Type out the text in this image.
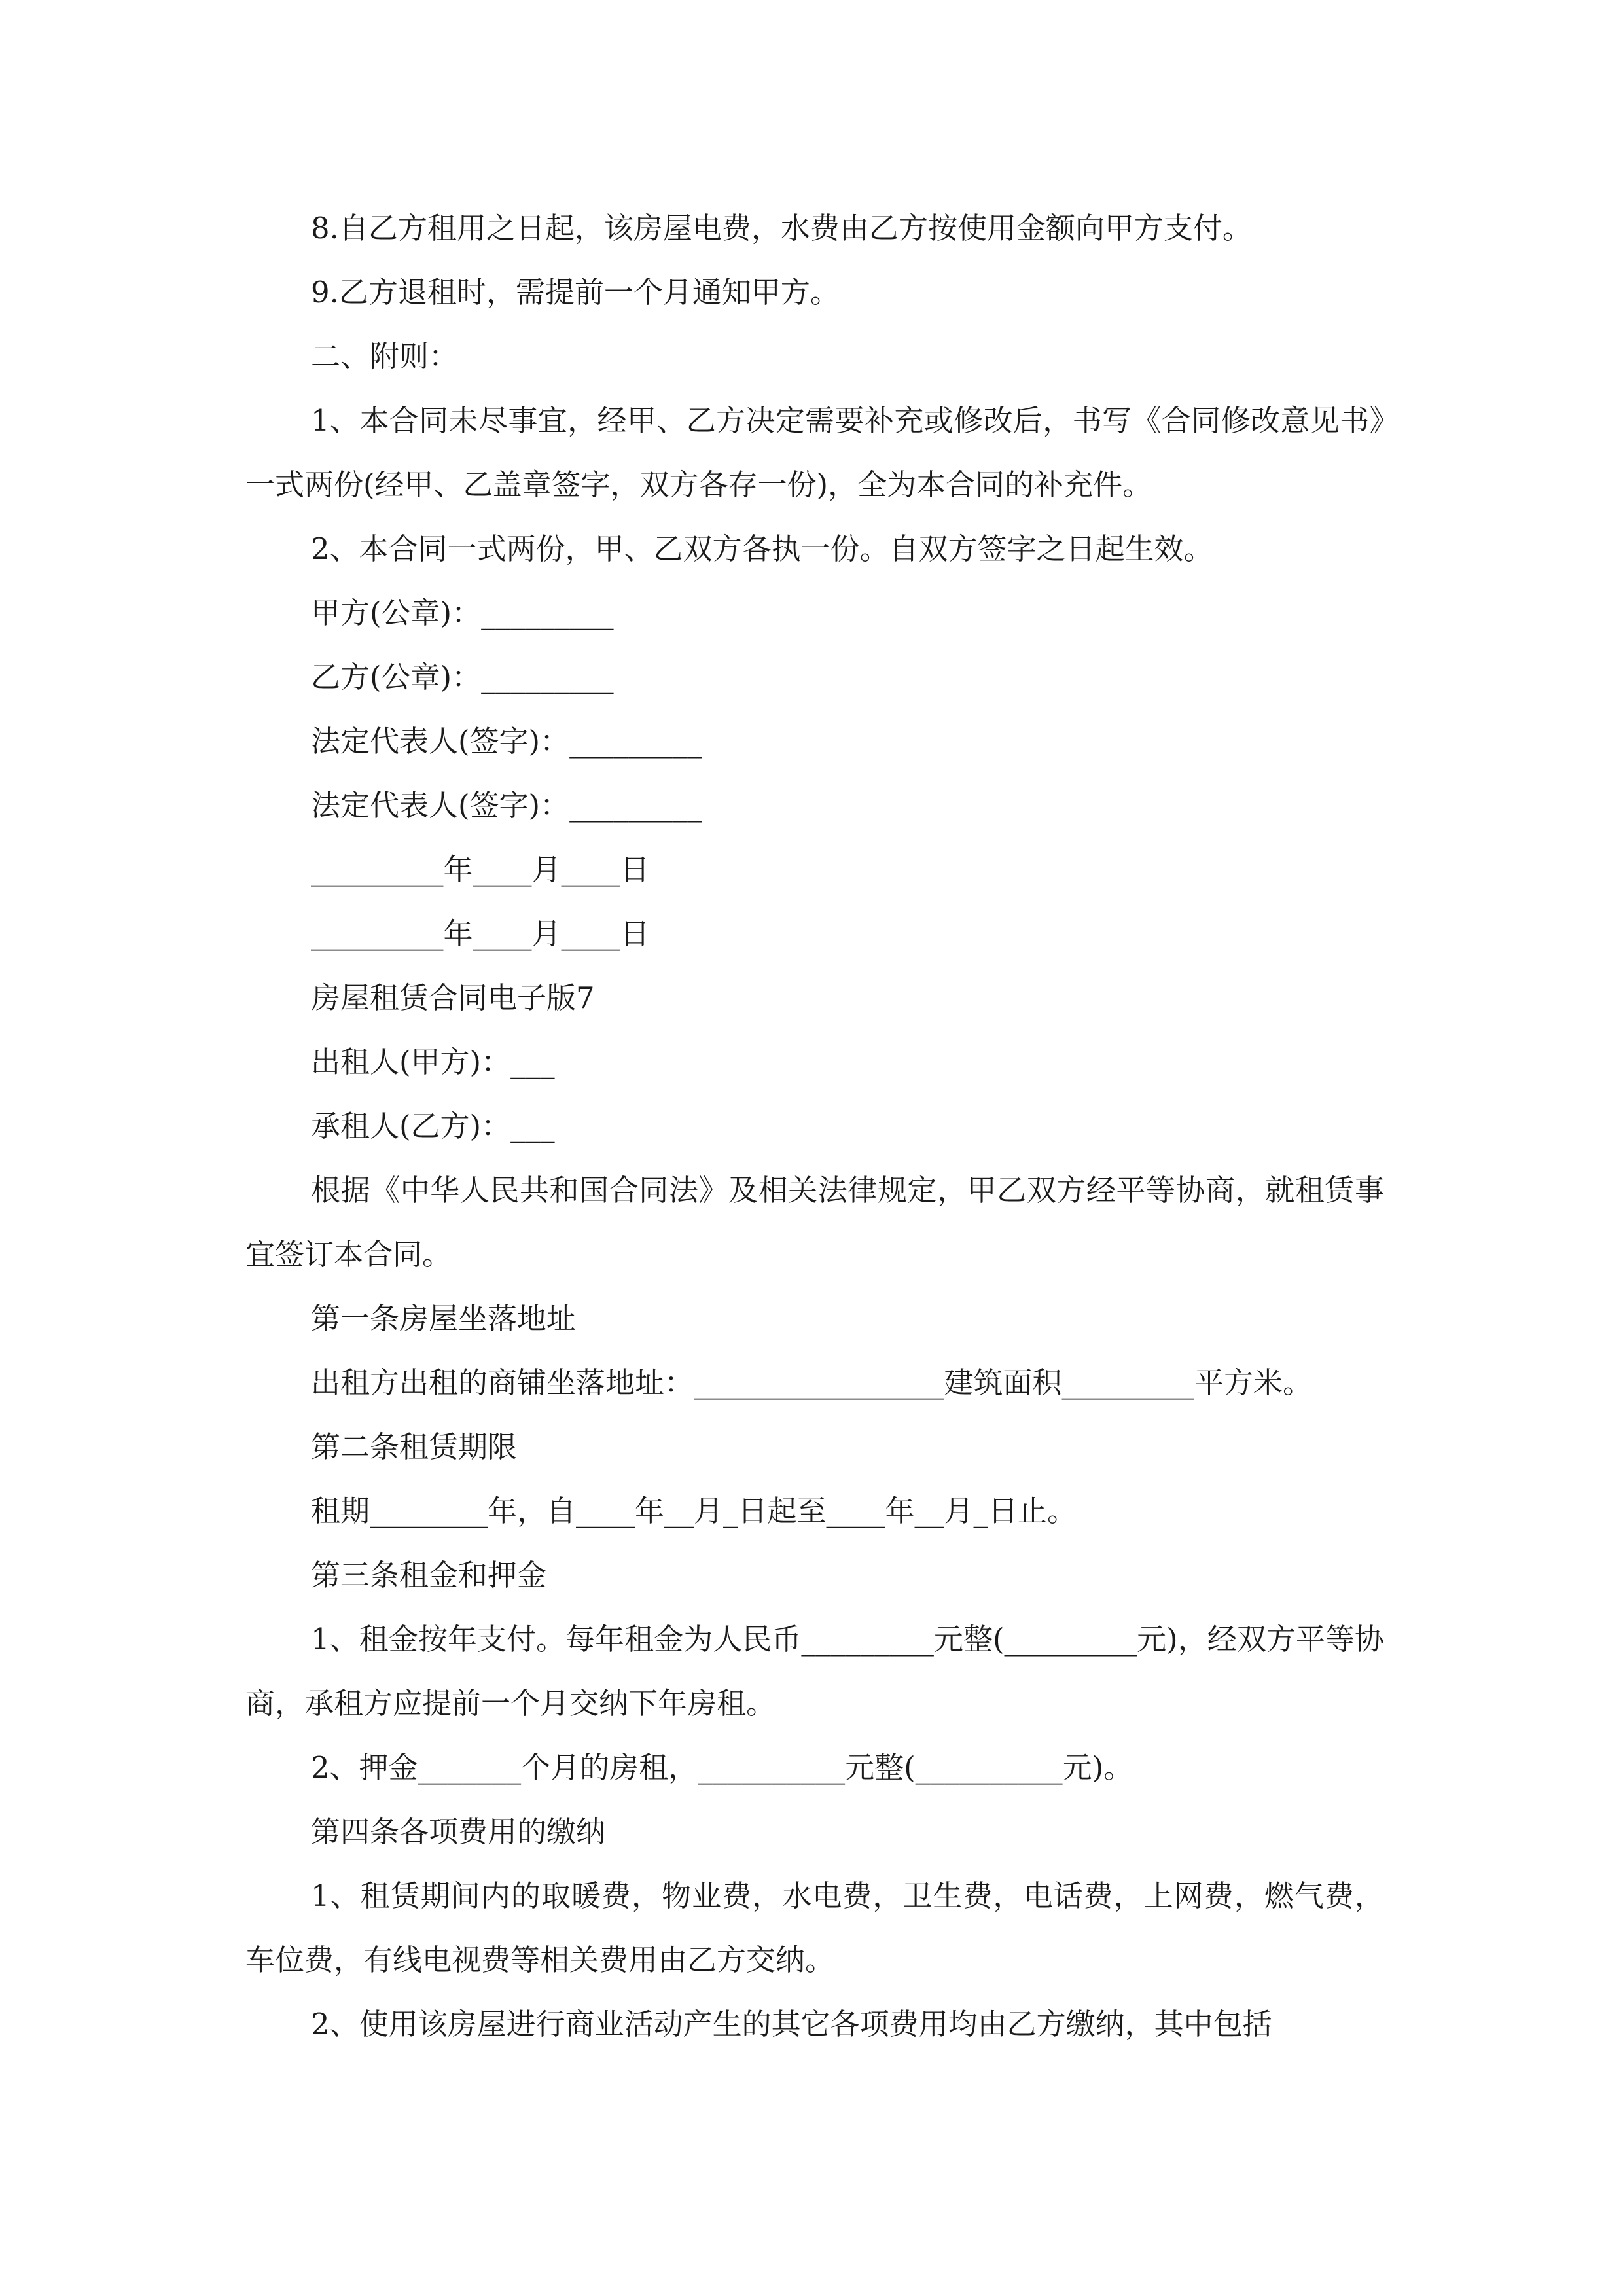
8.自乙方租用之日起，该房屋电费，水费由乙方按使用金额向甲方支付。

9.乙方退租时，需提前一个月通知甲方。

二、附则：

1、本合同未尽事宜，经甲、乙方决定需要补充或修改后，书写《合同修改意见书》一式两份(经甲、乙盖章签字，双方各存一份)，全为本合同的补充件。

2、本合同一式两份，甲、乙双方各执一份。自双方签字之日起生效。

甲方(公章)：_________

乙方(公章)：_________

法定代表人(签字)：_________

法定代表人(签字)：_________

_________年____月____日

_________年____月____日

房屋租赁合同电子版7

出租人(甲方)：___

承租人(乙方)：___

根据《中华人民共和国合同法》及相关法律规定，甲乙双方经平等协商，就租赁事宜签订本合同。

第一条房屋坐落地址

出租方出租的商铺坐落地址：_________________建筑面积_________平方米。

第二条租赁期限

租期________年，自____年__月_日起至____年__月_日止。

第三条租金和押金

1、租金按年支付。每年租金为人民币_________元整(_________元)，经双方平等协商，承租方应提前一个月交纳下年房租。

2、押金_______个月的房租，__________元整(__________元)。

第四条各项费用的缴纳

1、租赁期间内的取暖费，物业费，水电费，卫生费，电话费，上网费，燃气费，车位费，有线电视费等相关费用由乙方交纳。

2、使用该房屋进行商业活动产生的其它各项费用均由乙方缴纳，其中包括
